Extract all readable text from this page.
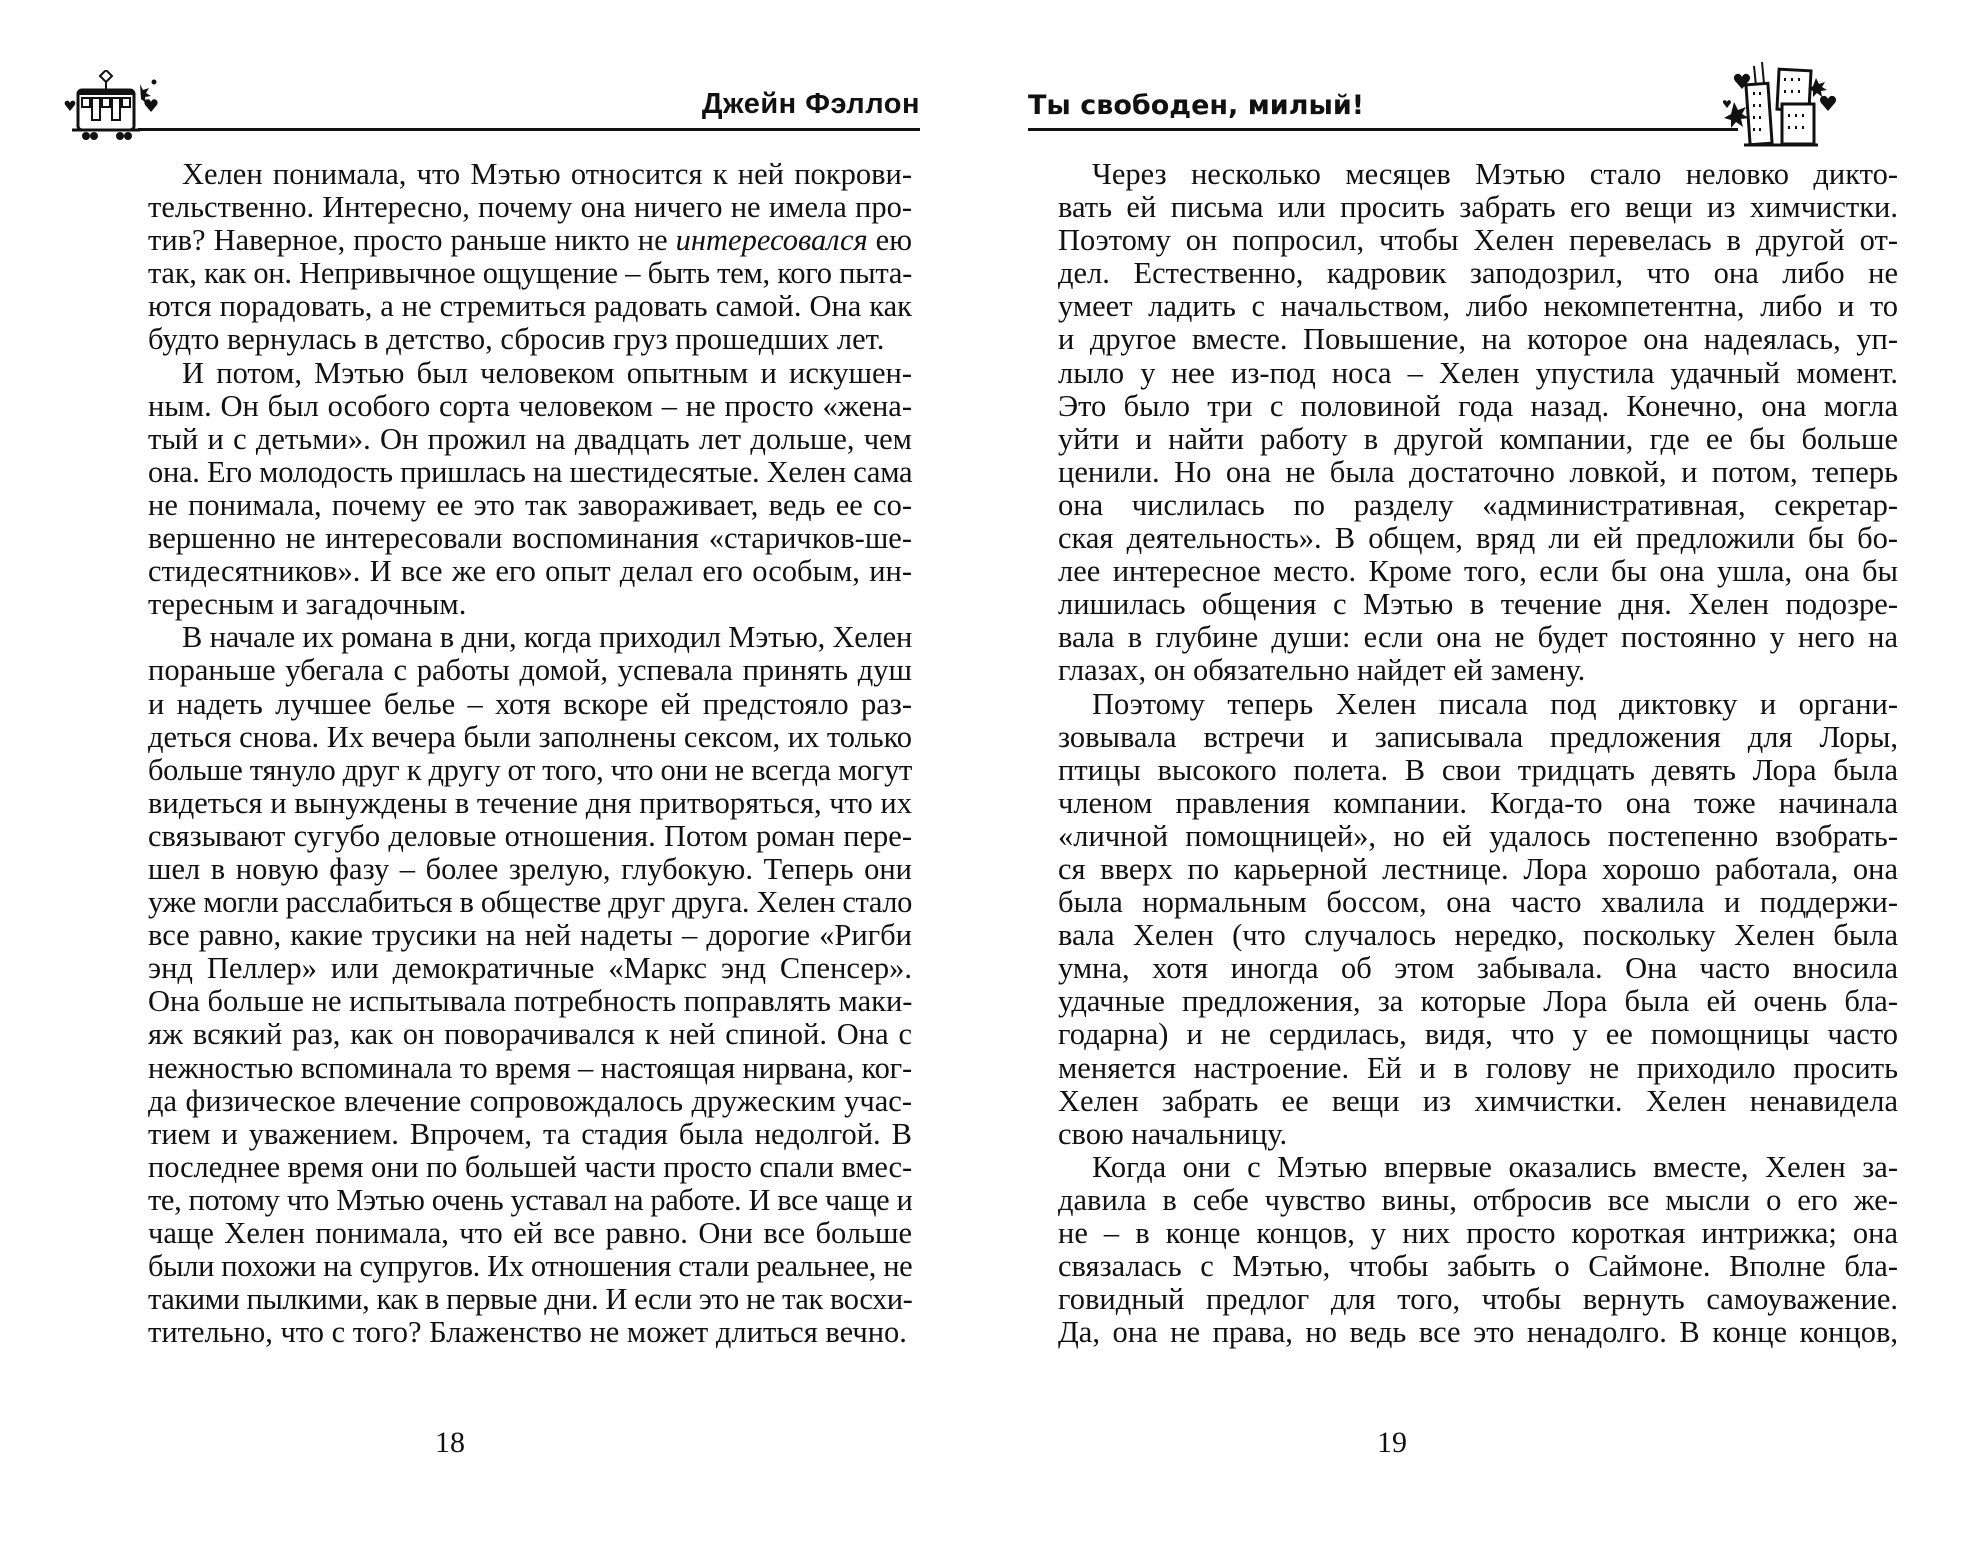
Джейн Фэллон
Хелен понимала, что Мэтью относится к ней покрови-
тельственно. Интересно, почему она ничего не имела про-
тив? Наверное, просто раньше никто не интересовался ею
так, как он. Непривычное ощущение – быть тем, кого пыта-
ются порадовать, а не стремиться радовать самой. Она как
будто вернулась в детство, сбросив груз прошедших лет.
И потом, Мэтью был человеком опытным и искушен-
ным. Он был особого сорта человеком – не просто «жена-
тый и с детьми». Он прожил на двадцать лет дольше, чем
она. Его молодость пришлась на шестидесятые. Хелен сама
не понимала, почему ее это так завораживает, ведь ее со-
вершенно не интересовали воспоминания «старичков-ше-
стидесятников». И все же его опыт делал его особым, ин-
тересным и загадочным.
В начале их романа в дни, когда приходил Мэтью, Хелен
пораньше убегала с работы домой, успевала принять душ
и надеть лучшее белье – хотя вскоре ей предстояло раз-
деться снова. Их вечера были заполнены сексом, их только
больше тянуло друг к другу от того, что они не всегда могут
видеться и вынуждены в течение дня притворяться, что их
связывают сугубо деловые отношения. Потом роман пере-
шел в новую фазу – более зрелую, глубокую. Теперь они
уже могли расслабиться в обществе друг друга. Хелен стало
все равно, какие трусики на ней надеты – дорогие «Ригби
энд Пеллер» или демократичные «Маркс энд Спенсер».
Она больше не испытывала потребность поправлять маки-
яж всякий раз, как он поворачивался к ней спиной. Она с
нежностью вспоминала то время – настоящая нирвана, ког-
да физическое влечение сопровождалось дружеским учас-
тием и уважением. Впрочем, та стадия была недолгой. В
последнее время они по большей части просто спали вмес-
те, потому что Мэтью очень уставал на работе. И все чаще и
чаще Хелен понимала, что ей все равно. Они все больше
были похожи на супругов. Их отношения стали реальнее, не
такими пылкими, как в первые дни. И если это не так восхи-
тительно, что с того? Блаженство не может длиться вечно.
18
Ты свободен, милый!
Через несколько месяцев Мэтью стало неловко дикто-
вать ей письма или просить забрать его вещи из химчистки.
Поэтому он попросил, чтобы Хелен перевелась в другой от-
дел. Естественно, кадровик заподозрил, что она либо не
умеет ладить с начальством, либо некомпетентна, либо и то
и другое вместе. Повышение, на которое она надеялась, уп-
лыло у нее из-под носа – Хелен упустила удачный момент.
Это было три с половиной года назад. Конечно, она могла
уйти и найти работу в другой компании, где ее бы больше
ценили. Но она не была достаточно ловкой, и потом, теперь
она числилась по разделу «административная, секретар-
ская деятельность». В общем, вряд ли ей предложили бы бо-
лее интересное место. Кроме того, если бы она ушла, она бы
лишилась общения с Мэтью в течение дня. Хелен подозре-
вала в глубине души: если она не будет постоянно у него на
глазах, он обязательно найдет ей замену.
Поэтому теперь Хелен писала под диктовку и органи-
зовывала встречи и записывала предложения для Лоры,
птицы высокого полета. В свои тридцать девять Лора была
членом правления компании. Когда-то она тоже начинала
«личной помощницей», но ей удалось постепенно взобрать-
ся вверх по карьерной лестнице. Лора хорошо работала, она
была нормальным боссом, она часто хвалила и поддержи-
вала Хелен (что случалось нередко, поскольку Хелен была
умна, хотя иногда об этом забывала. Она часто вносила
удачные предложения, за которые Лора была ей очень бла-
годарна) и не сердилась, видя, что у ее помощницы часто
меняется настроение. Ей и в голову не приходило просить
Хелен забрать ее вещи из химчистки. Хелен ненавидела
свою начальницу.
Когда они с Мэтью впервые оказались вместе, Хелен за-
давила в себе чувство вины, отбросив все мысли о его же-
не – в конце концов, у них просто короткая интрижка; она
связалась с Мэтью, чтобы забыть о Саймоне. Вполне бла-
говидный предлог для того, чтобы вернуть самоуважение.
Да, она не права, но ведь все это ненадолго. В конце концов,
19
